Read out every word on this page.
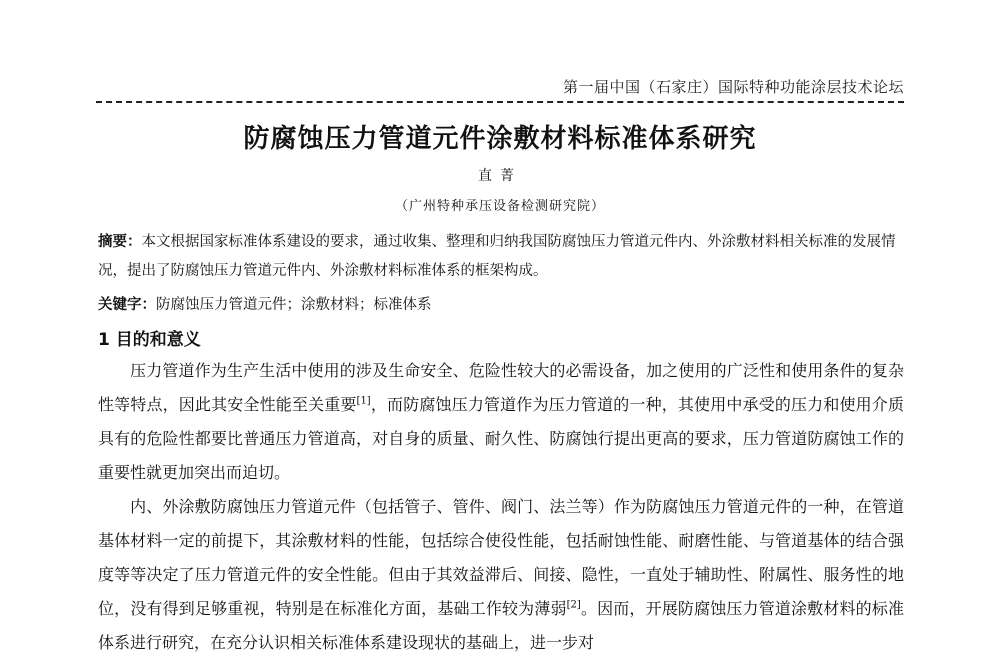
第一届中国（石家庄）国际特种功能涂层技术论坛
防腐蚀压力管道元件涂敷材料标准体系研究
直菁
（广州特种承压设备检测研究院）
摘要：本文根据国家标准体系建设的要求，通过收集、整理和归纳我国防腐蚀压力管道元件内、外涂敷材料相关标准的发展情况，提出了防腐蚀压力管道元件内、外涂敷材料标准体系的框架构成。
关键字：防腐蚀压力管道元件；涂敷材料；标准体系
1 目的和意义
压力管道作为生产生活中使用的涉及生命安全、危险性较大的必需设备，加之使用的广泛性和使用条件的复杂性等特点，因此其安全性能至关重要[1]，而防腐蚀压力管道作为压力管道的一种，其使用中承受的压力和使用介质具有的危险性都要比普通压力管道高，对自身的质量、耐久性、防腐蚀行提出更高的要求，压力管道防腐蚀工作的重要性就更加突出而迫切。
内、外涂敷防腐蚀压力管道元件（包括管子、管件、阀门、法兰等）作为防腐蚀压力管道元件的一种，在管道基体材料一定的前提下，其涂敷材料的性能，包括综合使役性能，包括耐蚀性能、耐磨性能、与管道基体的结合强度等等决定了压力管道元件的安全性能。但由于其效益滞后、间接、隐性，一直处于辅助性、附属性、服务性的地位，没有得到足够重视，特别是在标准化方面，基础工作较为薄弱[2]。因而，开展防腐蚀压力管道涂敷材料的标准体系进行研究，在充分认识相关标准体系建设现状的基础上，进一步对
